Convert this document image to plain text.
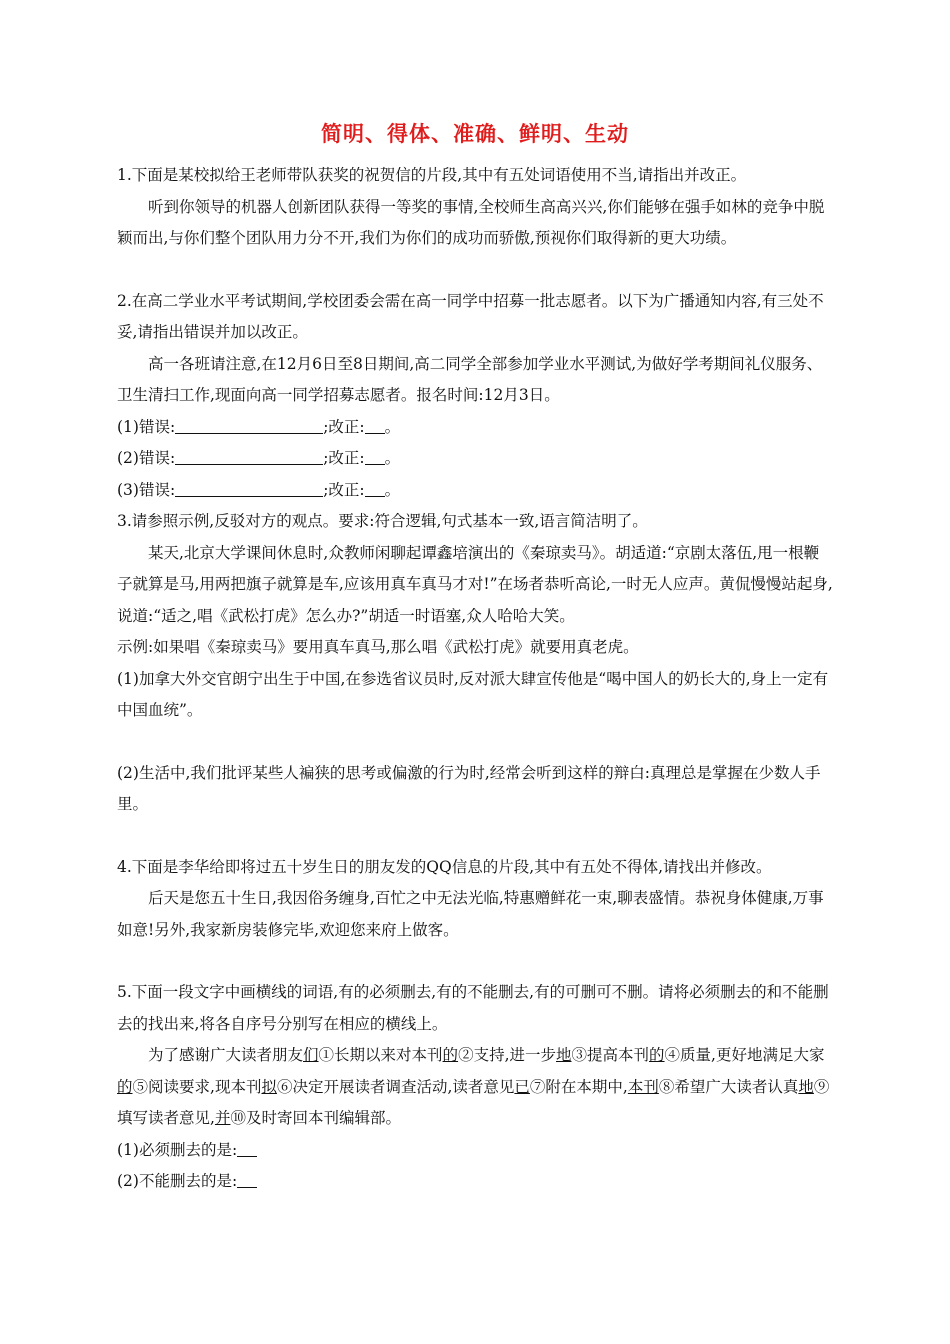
简明、得体、准确、鲜明、生动

1.下面是某校拟给王老师带队获奖的祝贺信的片段,其中有五处词语使用不当,请指出并改正。

听到你领导的机器人创新团队获得一等奖的事情,全校师生高高兴兴,你们能够在强手如林的竞争中脱颖而出,与你们整个团队用力分不开,我们为你们的成功而骄傲,预视你们取得新的更大功绩。

2.在高二学业水平考试期间,学校团委会需在高一同学中招募一批志愿者。以下为广播通知内容,有三处不妥,请指出错误并加以改正。

高一各班请注意,在12月6日至8日期间,高二同学全部参加学业水平测试,为做好学考期间礼仪服务、卫生清扫工作,现面向高一同学招募志愿者。报名时间:12月3日。

(1)错误:	;改正: 。

(2)错误:	;改正: 。

(3)错误:	;改正: 。

3.请参照示例,反驳对方的观点。要求:符合逻辑,句式基本一致,语言简洁明了。

某天,北京大学课间休息时,众教师闲聊起谭鑫培演出的《秦琼卖马》。胡适道:“京剧太落伍,甩一根鞭子就算是马,用两把旗子就算是车,应该用真车真马才对!”在场者恭听高论,一时无人应声。黄侃慢慢站起身,说道:“适之,唱《武松打虎》怎么办?”胡适一时语塞,众人哈哈大笑。

示例:如果唱《秦琼卖马》要用真车真马,那么唱《武松打虎》就要用真老虎。

(1)加拿大外交官朗宁出生于中国,在参选省议员时,反对派大肆宣传他是“喝中国人的奶长大的,身上一定有中国血统”。

(2)生活中,我们批评某些人褊狭的思考或偏激的行为时,经常会听到这样的辩白:真理总是掌握在少数人手里。

4.下面是李华给即将过五十岁生日的朋友发的QQ信息的片段,其中有五处不得体,请找出并修改。

后天是您五十生日,我因俗务缠身,百忙之中无法光临,特惠赠鲜花一束,聊表盛情。恭祝身体健康,万事如意!另外,我家新房装修完毕,欢迎您来府上做客。

5.下面一段文字中画横线的词语,有的必须删去,有的不能删去,有的可删可不删。请将必须删去的和不能删去的找出来,将各自序号分别写在相应的横线上。

为了感谢广大读者朋友们①长期以来对本刊的②支持,进一步地③提高本刊的④质量,更好地满足大家的⑤阅读要求,现本刊拟⑥决定开展读者调查活动,读者意见已⑦附在本期中,本刊⑧希望广大读者认真地⑨填写读者意见,并⑩及时寄回本刊编辑部。

(1)必须删去的是:

(2)不能删去的是:
